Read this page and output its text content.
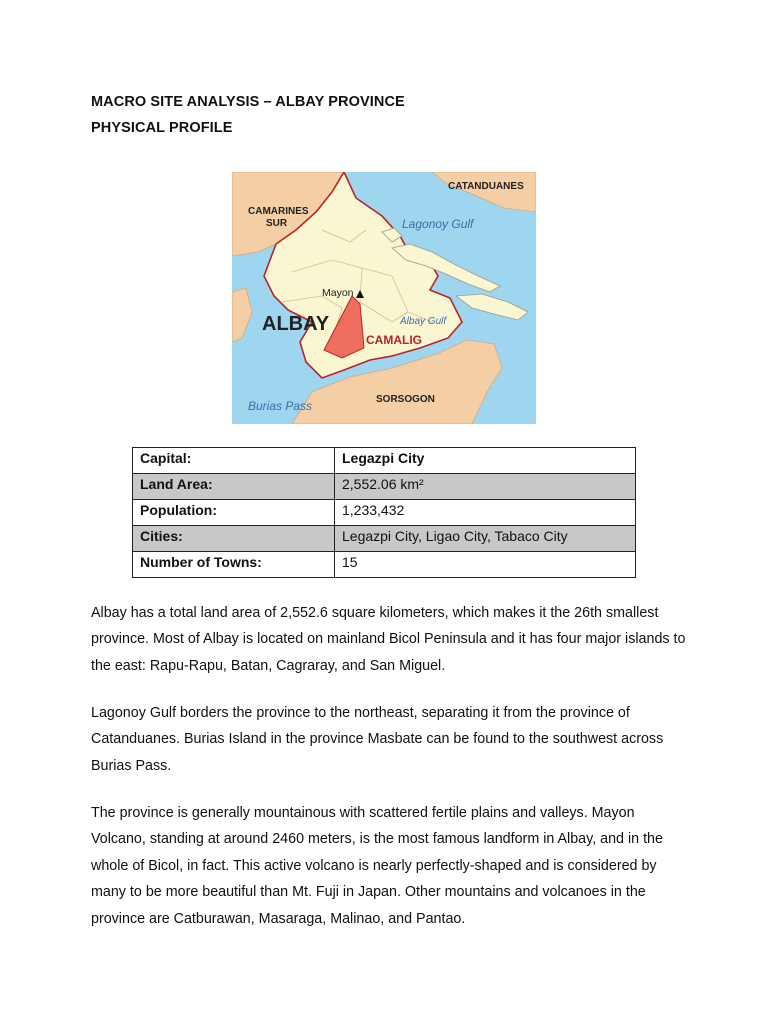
MACRO SITE ANALYSIS – ALBAY PROVINCE
PHYSICAL PROFILE
CATANDUANES
CAMARINES
SUR	Lagonoy Gulf
Mayon
ALBAY	Albay Gulf
CAMALIG
Burias Pass	SORSOGON
Capital:	Legazpi City
Land Area:	2,552.06 km²
Population:	1,233,432
Cities:	Legazpi City, Ligao City, Tabaco City
Number of Towns:	15

Albay has a total land area of 2,552.6 square kilometers, which makes it the 26th smallest province. Most of Albay is located on mainland Bicol Peninsula and it has four major islands to the east: Rapu-Rapu, Batan, Cagraray, and San Miguel.

Lagonoy Gulf borders the province to the northeast, separating it from the province of Catanduanes. Burias Island in the province Masbate can be found to the southwest across Burias Pass.

The province is generally mountainous with scattered fertile plains and valleys. Mayon Volcano, standing at around 2460 meters, is the most famous landform in Albay, and in the whole of Bicol, in fact. This active volcano is nearly perfectly-shaped and is considered by many to be more beautiful than Mt. Fuji in Japan. Other mountains and volcanoes in the province are Catburawan, Masaraga, Malinao, and Pantao.
